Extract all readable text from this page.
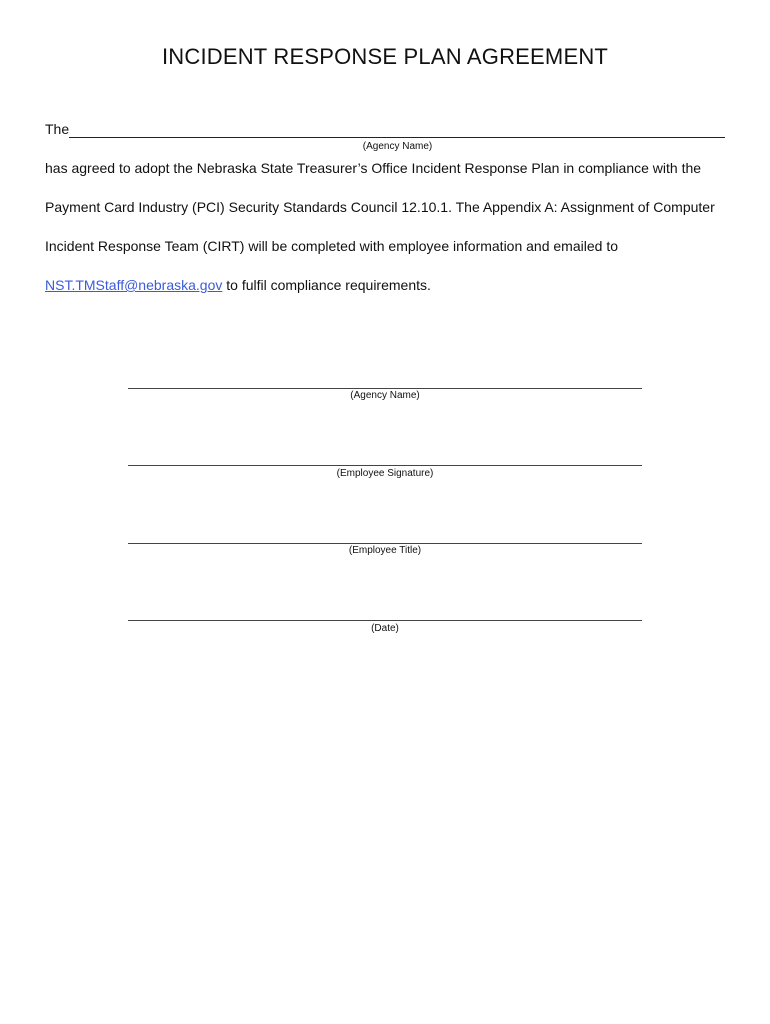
INCIDENT RESPONSE PLAN AGREEMENT
The
(Agency Name)
has agreed to adopt the Nebraska State Treasurer’s Office Incident Response Plan in compliance with the
Payment Card Industry (PCI) Security Standards Council 12.10.1. The Appendix A: Assignment of Computer
Incident Response Team (CIRT) will be completed with employee information and emailed to
NST.TMStaff@nebraska.gov to fulfil compliance requirements.
(Agency Name)
(Employee Signature)
(Employee Title)
(Date)
